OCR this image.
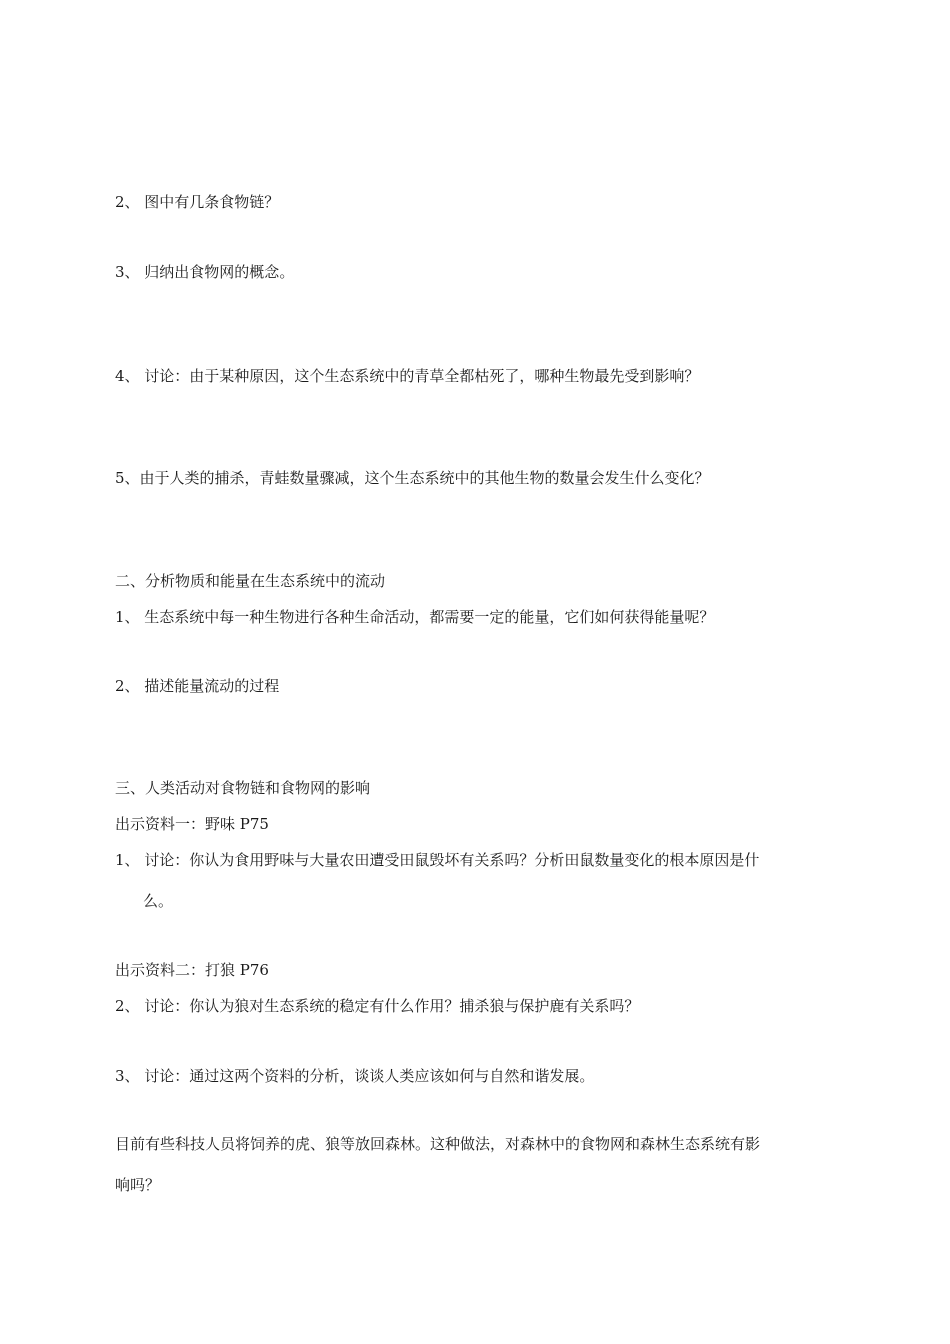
2、 图中有几条食物链？
3、 归纳出食物网的概念。
4、 讨论：由于某种原因，这个生态系统中的青草全都枯死了，哪种生物最先受到影响？
5、由于人类的捕杀，青蛙数量骤减，这个生态系统中的其他生物的数量会发生什么变化？
二、分析物质和能量在生态系统中的流动
1、 生态系统中每一种生物进行各种生命活动，都需要一定的能量，它们如何获得能量呢？
2、 描述能量流动的过程
三、人类活动对食物链和食物网的影响
出示资料一：野味 P75
1、 讨论：你认为食用野味与大量农田遭受田鼠毁坏有关系吗？分析田鼠数量变化的根本原因是什
么。
出示资料二：打狼 P76
2、 讨论：你认为狼对生态系统的稳定有什么作用？捕杀狼与保护鹿有关系吗？
3、 讨论：通过这两个资料的分析，谈谈人类应该如何与自然和谐发展。
目前有些科技人员将饲养的虎、狼等放回森林。这种做法，对森林中的食物网和森林生态系统有影
响吗？
